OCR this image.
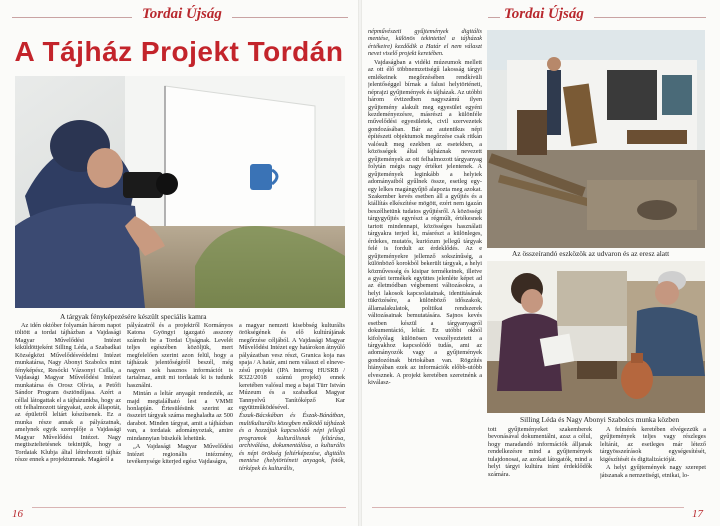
Tordai Újság
A Tájház Projekt Tordán
A tárgyak fényképezésére készült speciális kamra

Az idén október folyamán három napot töltött a tordai tájházban a Vajdasági Magyar Művelődési Intézet kiküldöttjeként Silling Léda, a Szabadkai Községközi Művelődésvédelmi Intézet munkatársa, Nagy Abonyi Szabolcs mint fényképész, Resócki Vázsonyi Csilla, a Vajdasági Magyar Művelődési Intézet munkatársa és Orosz Olívia, a Petőfi Sándor Program ösztöndíjasa. Azért a céllal látogattak el a tájházunkba, hogy az ott felhalmozott tárgyakat, azok állapotát, az épületről leltárt készítsenek. Ez a munka része annak a pályázatnak, amelynek egyik szereplője a Vajdasági Magyar Művelődési Intézet. Nagy megtiszteltetésnek tekintjük, hogy a Tordaiak Klubja által létrehozott tájház része ennek a projektumnak. Magáról a

pályázatról és a projektről Kormányos Katona Gyöngyi igazgató asszony számolt be a Tordai Újságnak. Levelét teljes egészében közöljük, mert megfelelően szerint azon felül, hogy a tájházak jelentőségéről beszél, még nagyon sok hasznos információt is tartalmaz, amit mi tordaiak ki is tudunk használni.

Mintán a leltár anyagát rendezték, az majd megtalálható lest a VMMI honlapján. Értesülésünk szerint az összeírt tárgyak száma meghaladta az 500 darabot. Minden tárgyat, amit a tájházban van, a tordaiak adományoztak, amire mindannyian büszkék lehetünk.

„A Vajdasági Magyar Művelődési Intézet regionális intézmény, tevékenysége kiterjed egész Vajdaságra,

a magyar nemzeti kisebbség kulturális örökségének és elő kultúrájának megőrzése céljából. A Vajdasági Magyar Művelődési Intézet egy határokon átnyúló pályázatban vesz részt, Granica koja nas spaja / A határ, ami nem választ el elnevezésű projekt (IPA Interreg HUSRB / R322/2018 számú projekt) ennek keretében valósul meg a bajai Türr István Múzeum és a szabadkai Magyar Tannyelvű Tanítóképző Kar együttműködésével.

Észak-Bácskában és Észak-Bánátban, multikulturális közegben működő tájházak és a hozzájuk kapcsolódó népi jellegű programok kulturálisnak feltárása, archiválása, dokumentálása, a kulturális és népi örökség feltérképezése, digitális mentése (helytörténeti anyagok, fotók, térképek és kulturális,

16
Tordai Újság

népművészeti gyűjtemények digitális mentése, különös tekintettel a tájházak értékeire) kezdődik a Határ el nem választ nevet viselő projekt keretében.

Vajdaságban a vidéki múzeumok mellett az ott élő többnemzetiségű lakosság tárgyi emlékeinek megőrzésében rendkívüli jelentőséggel bírnak a falusi helytörténeti, néprajzi gyűjtemények és tájházak. Az utóbbi három évtizedben nagyszámú ilyen gyűjtemény alakult meg egyesület egyéni kezdeményezésre, másrészt a különféle művelődési egyesületek, civil szervezetek gondozásában. Bár az autentikus népi építészeti objektumok megőrzése csak ritkán valósult meg ezekben az esetekben, a közösségek által tájháznak nevezett gyűjtemények az ott felhalmozott tárgyanyag folytán mégis nagy értéket jelentenek. A gyűjtemények leginkább a helyiek adományaiból gyűlnek össze, esetleg egy-egy lelkes magángyűjtő alapozta meg azokat. Szakember kevés esetben áll a gyűjtés és a kiállítás elkészítése mögött, ezért nem igazán beszélhetünk tudatos gyűjtésről. A közösségi tárgygyűjtés egyrészt a régmúlt, értékesnek tartott mindennapi, közösséges használati tárgyakra terjed ki, másrészt a különleges, érdekes, mutatós, kuriózum jellegű tárgyak felé is fordult az érdeklődés. Az e gyűjteményekre jellemző sokszínűség, a különböző korokból bekerült tárgyak, a helyi közművesség és kisipar termékeinek, illetve a gyári termékek együttes jelenléte képet ad az életmódban végbement változásokra, a helyi lakosok kapcsolatainak, identitásának tükrözésére, a különböző időszakok, államalakulatok, politikai rendszerek változásainak bemutatására. Sajnos kevés esetben készül a tárgyanyagról dokumentáció, leltár. Ez utóbbi okból kifolyólag különösen veszélyeztetett a tárgyakhoz kapcsolódó tudás, ami az adományozók vagy a gyűjtemények gondozóinak birtokában van. Rögzítés hiányában ezek az információk előbb-utóbb elvesznek. A projekt keretében szeretnénk a kiválasz-

Az összeírandó eszközök az udvaron és az eresz alatt
Silling Léda és Nagy Abonyi Szabolcs munka közben

tott gyűjteményeket szakemberek bevonásával dokumentálni, azaz a célul, hogy maradandó információk álljanak rendelkezésre mind a gyűjtemények tulajdonosai, az azokat látogatók, mind a helyi tárgyi kultúra iránt érdeklődők számára.

A felmérés keretében elvégezzük a gyűjtemények teljes vagy részleges leltárát, az esetleges már létező tárgyösszeírások egységesítését, kigészítését és digitalizációját.

A helyi gyűjtemények nagy szerepet játszanak a nemzetiségi, etnikai, lo-

17
